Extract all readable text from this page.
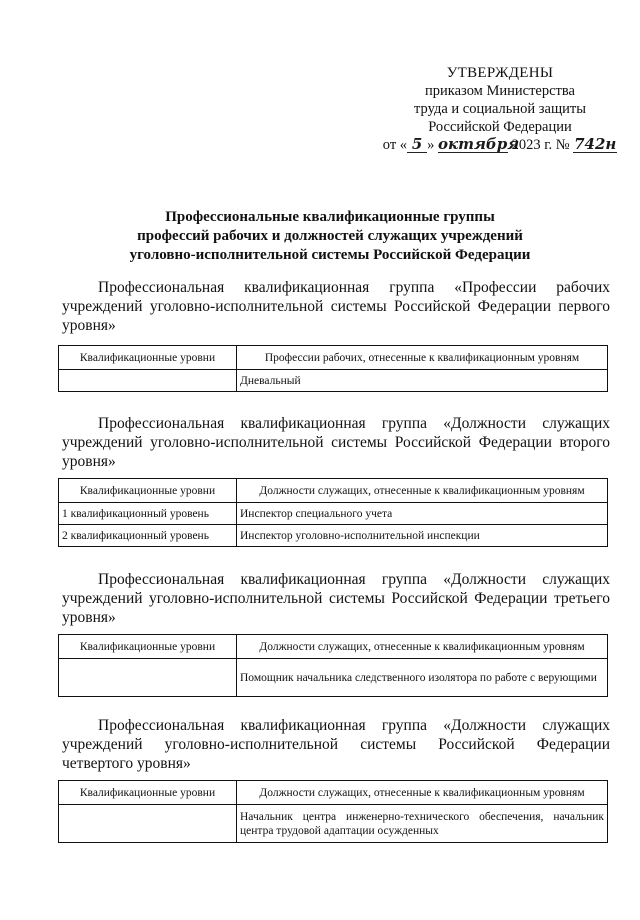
УТВЕРЖДЕНЫ
приказом Министерства
труда и социальной защиты
Российской Федерации
от « 5 » октября 2023 г. № 742н
Профессиональные квалификационные группы
профессий рабочих и должностей служащих учреждений
уголовно-исполнительной системы Российской Федерации
Профессиональная квалификационная группа «Профессии рабочих учреждений уголовно-исполнительной системы Российской Федерации первого уровня»
Квалификационные уровни	Профессии рабочих, отнесенные к квалификационным уровням
	Дневальный
Профессиональная квалификационная группа «Должности служащих учреждений уголовно-исполнительной системы Российской Федерации второго уровня»
Квалификационные уровни	Должности служащих, отнесенные к квалификационным уровням
1 квалификационный уровень	Инспектор специального учета
2 квалификационный уровень	Инспектор уголовно-исполнительной инспекции
Профессиональная квалификационная группа «Должности служащих учреждений уголовно-исполнительной системы Российской Федерации третьего уровня»
Квалификационные уровни	Должности служащих, отнесенные к квалификационным уровням
	Помощник начальника следственного изолятора по работе с верующими
Профессиональная квалификационная группа «Должности служащих учреждений уголовно-исполнительной системы Российской Федерации четвертого уровня»
Квалификационные уровни	Должности служащих, отнесенные к квалификационным уровням
	Начальник центра инженерно-технического обеспечения, начальник центра трудовой адаптации осужденных
